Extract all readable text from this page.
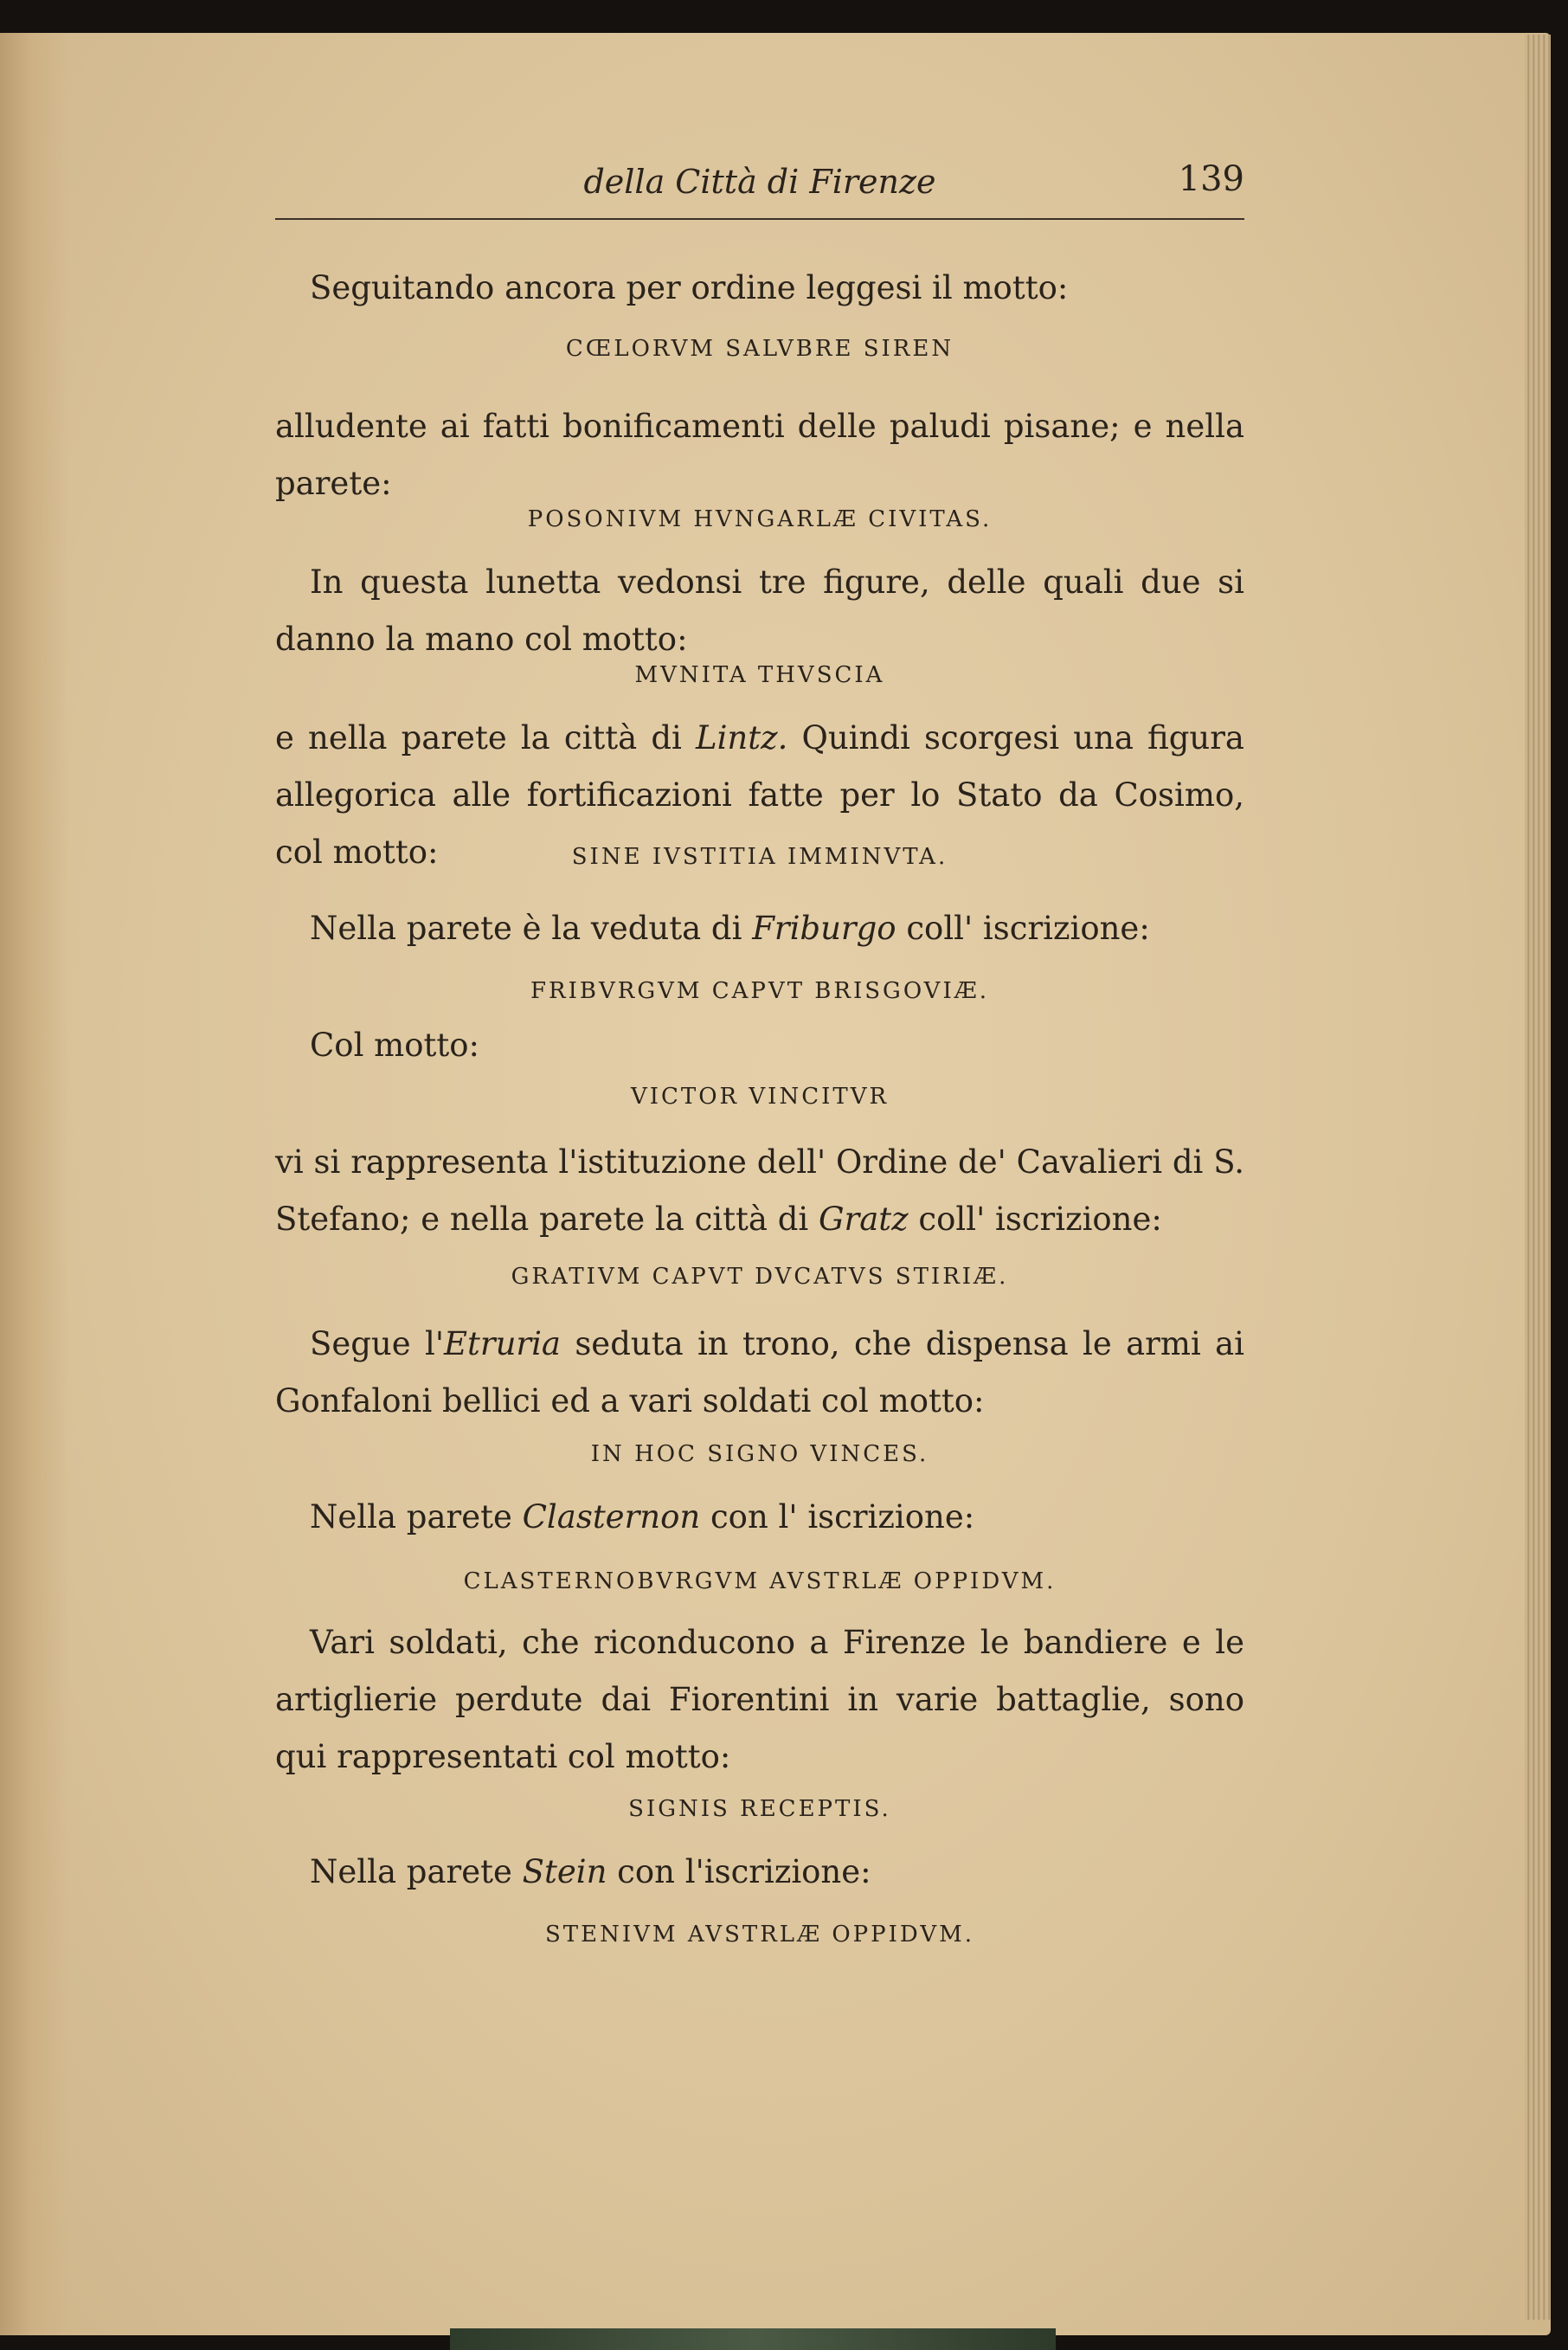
della Città di Firenze	139
Seguitando ancora per ordine leggesi il motto:
CŒLORVM SALVBRE SIREN
alludente ai fatti bonificamenti delle paludi pisane; e nella parete:
POSONIVM HVNGARLÆ CIVITAS.
In questa lunetta vedonsi tre figure, delle quali due si danno la mano col motto:
MVNITA THVSCIA
e nella parete la città di Lintz. Quindi scorgesi una figura allegorica alle fortificazioni fatte per lo Stato da Cosimo, col motto:	SINE IVSTITIA IMMINVTA.
Nella parete è la veduta di Friburgo coll' iscrizione:
FRIBVRGVM CAPVT BRISGOVIÆ.
Col motto:
VICTOR VINCITVR
vi si rappresenta l'istituzione dell' Ordine de' Cavalieri di S. Stefano; e nella parete la città di Gratz coll' iscrizione:
GRATIVM CAPVT DVCATVS STIRIÆ.
Segue l'Etruria seduta in trono, che dispensa le armi ai Gonfaloni bellici ed a vari soldati col motto:
IN HOC SIGNO VINCES.
Nella parete Clasternon con l' iscrizione:
CLASTERNOBVRGVM AVSTRLÆ OPPIDVM.
Vari soldati, che riconducono a Firenze le bandiere e le artiglierie perdute dai Fiorentini in varie battaglie, sono qui rappresentati col motto:
SIGNIS RECEPTIS.
Nella parete Stein con l'iscrizione:
STENIVM AVSTRLÆ OPPIDVM.
